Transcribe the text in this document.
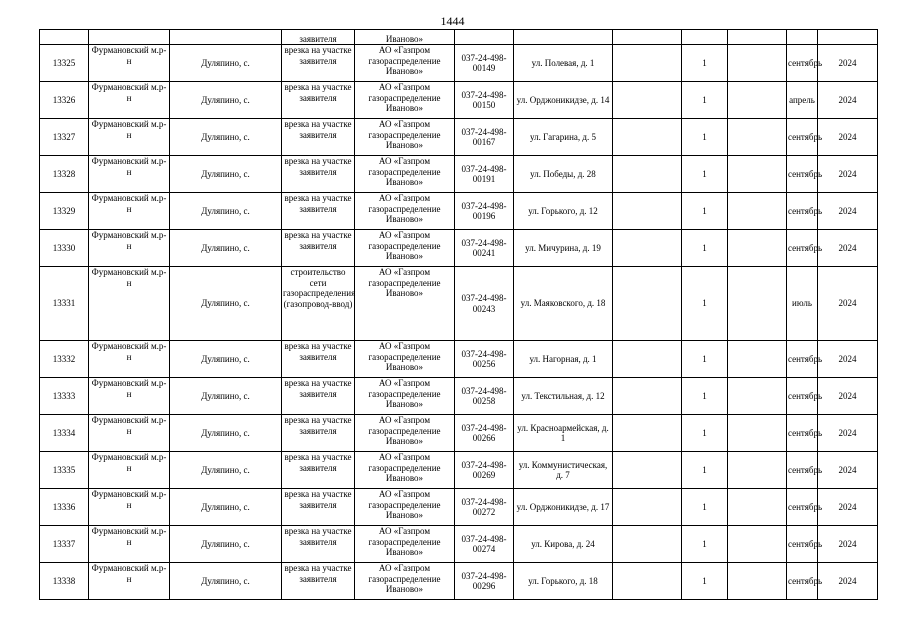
1444
			заявителя	Иваново»							
13325	Фурмановский м.р-н	Дуляпино, с.	врезка на участке заявителя	АО «Газпром газораспределение Иваново»	037-24-498-00149	ул. Полевая, д. 1		1		сентябрь	2024
13326	Фурмановский м.р-н	Дуляпино, с.	врезка на участке заявителя	АО «Газпром газораспределение Иваново»	037-24-498-00150	ул. Орджоникидзе, д. 14		1		апрель	2024
13327	Фурмановский м.р-н	Дуляпино, с.	врезка на участке заявителя	АО «Газпром газораспределение Иваново»	037-24-498-00167	ул. Гагарина, д. 5		1		сентябрь	2024
13328	Фурмановский м.р-н	Дуляпино, с.	врезка на участке заявителя	АО «Газпром газораспределение Иваново»	037-24-498-00191	ул. Победы, д. 28		1		сентябрь	2024
13329	Фурмановский м.р-н	Дуляпино, с.	врезка на участке заявителя	АО «Газпром газораспределение Иваново»	037-24-498-00196	ул. Горького, д. 12		1		сентябрь	2024
13330	Фурмановский м.р-н	Дуляпино, с.	врезка на участке заявителя	АО «Газпром газораспределение Иваново»	037-24-498-00241	ул. Мичурина, д. 19		1		сентябрь	2024
13331	Фурмановский м.р-н	Дуляпино, с.	строительство сети газораспределения (газопровод-ввод)	АО «Газпром газораспределение Иваново»	037-24-498-00243	ул. Маяковского, д. 18		1		июль	2024
13332	Фурмановский м.р-н	Дуляпино, с.	врезка на участке заявителя	АО «Газпром газораспределение Иваново»	037-24-498-00256	ул. Нагорная, д. 1		1		сентябрь	2024
13333	Фурмановский м.р-н	Дуляпино, с.	врезка на участке заявителя	АО «Газпром газораспределение Иваново»	037-24-498-00258	ул. Текстильная, д. 12		1		сентябрь	2024
13334	Фурмановский м.р-н	Дуляпино, с.	врезка на участке заявителя	АО «Газпром газораспределение Иваново»	037-24-498-00266	ул. Красноармейская, д. 1		1		сентябрь	2024
13335	Фурмановский м.р-н	Дуляпино, с.	врезка на участке заявителя	АО «Газпром газораспределение Иваново»	037-24-498-00269	ул. Коммунистическая, д. 7		1		сентябрь	2024
13336	Фурмановский м.р-н	Дуляпино, с.	врезка на участке заявителя	АО «Газпром газораспределение Иваново»	037-24-498-00272	ул. Орджоникидзе, д. 17		1		сентябрь	2024
13337	Фурмановский м.р-н	Дуляпино, с.	врезка на участке заявителя	АО «Газпром газораспределение Иваново»	037-24-498-00274	ул. Кирова, д. 24		1		сентябрь	2024
13338	Фурмановский м.р-н	Дуляпино, с.	врезка на участке заявителя	АО «Газпром газораспределение Иваново»	037-24-498-00296	ул. Горького, д. 18		1		сентябрь	2024
